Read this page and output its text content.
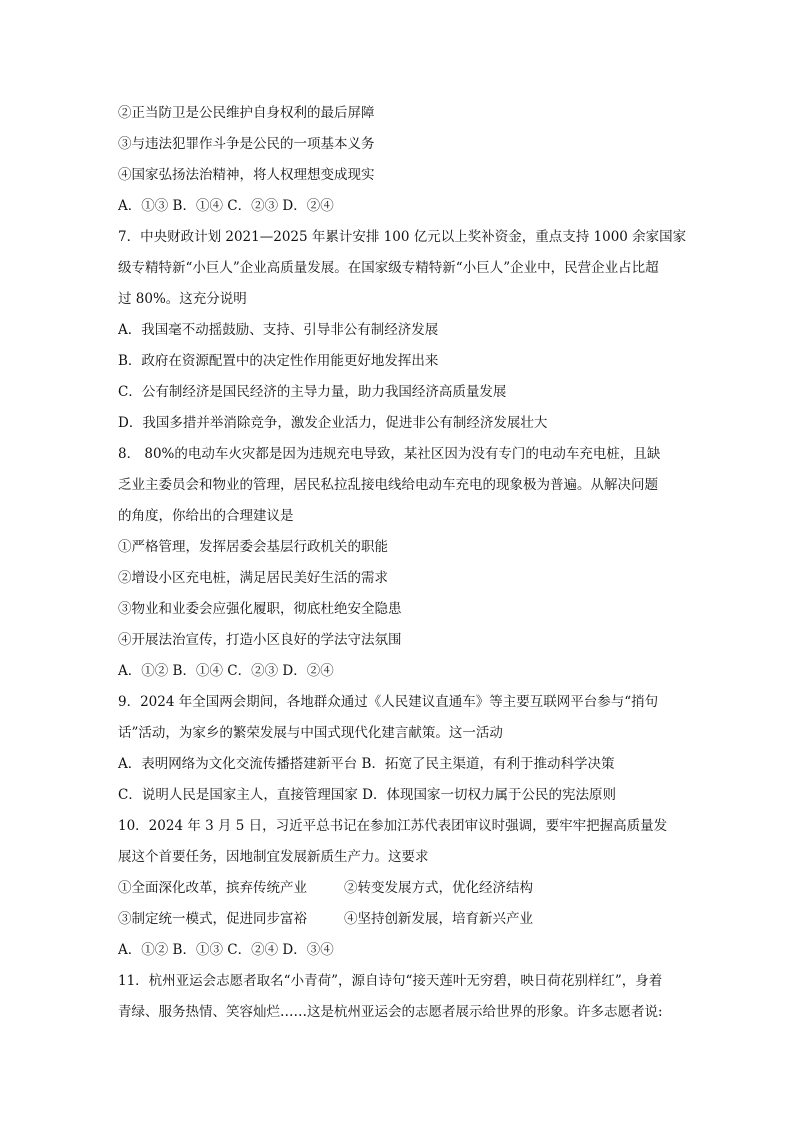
②正当防卫是公民维护自身权利的最后屏障
③与违法犯罪作斗争是公民的一项基本义务
④国家弘扬法治精神，将人权理想变成现实
A．①③ B．①④ C．②③ D．②④
7．中央财政计划 2021—2025 年累计安排 100 亿元以上奖补资金，重点支持 1000 余家国家
级专精特新“小巨人”企业高质量发展。在国家级专精特新“小巨人”企业中，民营企业占比超
过 80%。这充分说明
A．我国毫不动摇鼓励、支持、引导非公有制经济发展
B．政府在资源配置中的决定性作用能更好地发挥出来
C．公有制经济是国民经济的主导力量，助力我国经济高质量发展
D．我国多措并举消除竞争，激发企业活力，促进非公有制经济发展壮大
8． 80%的电动车火灾都是因为违规充电导致，某社区因为没有专门的电动车充电桩，且缺
乏业主委员会和物业的管理，居民私拉乱接电线给电动车充电的现象极为普遍。从解决问题
的角度，你给出的合理建议是
①严格管理，发挥居委会基层行政机关的职能
②增设小区充电桩，满足居民美好生活的需求
③物业和业委会应强化履职，彻底杜绝安全隐患
④开展法治宣传，打造小区良好的学法守法氛围
A．①② B．①④ C．②③ D．②④
9．2024 年全国两会期间，各地群众通过《人民建议直通车》等主要互联网平台参与“捎句
话”活动，为家乡的繁荣发展与中国式现代化建言献策。这一活动
A．表明网络为文化交流传播搭建新平台 B．拓宽了民主渠道，有利于推动科学决策
C．说明人民是国家主人，直接管理国家 D．体现国家一切权力属于公民的宪法原则
10．2024 年 3 月 5 日，习近平总书记在参加江苏代表团审议时强调，要牢牢把握高质量发
展这个首要任务，因地制宜发展新质生产力。这要求
①全面深化改革，摈弃传统产业	②转变发展方式，优化经济结构
③制定统一模式，促进同步富裕	④坚持创新发展，培育新兴产业
A．①② B．①③ C．②④ D．③④
11．杭州亚运会志愿者取名“小青荷”，源自诗句“接天莲叶无穷碧，映日荷花别样红”，身着
青绿、服务热情、笑容灿烂……这是杭州亚运会的志愿者展示给世界的形象。许多志愿者说:
